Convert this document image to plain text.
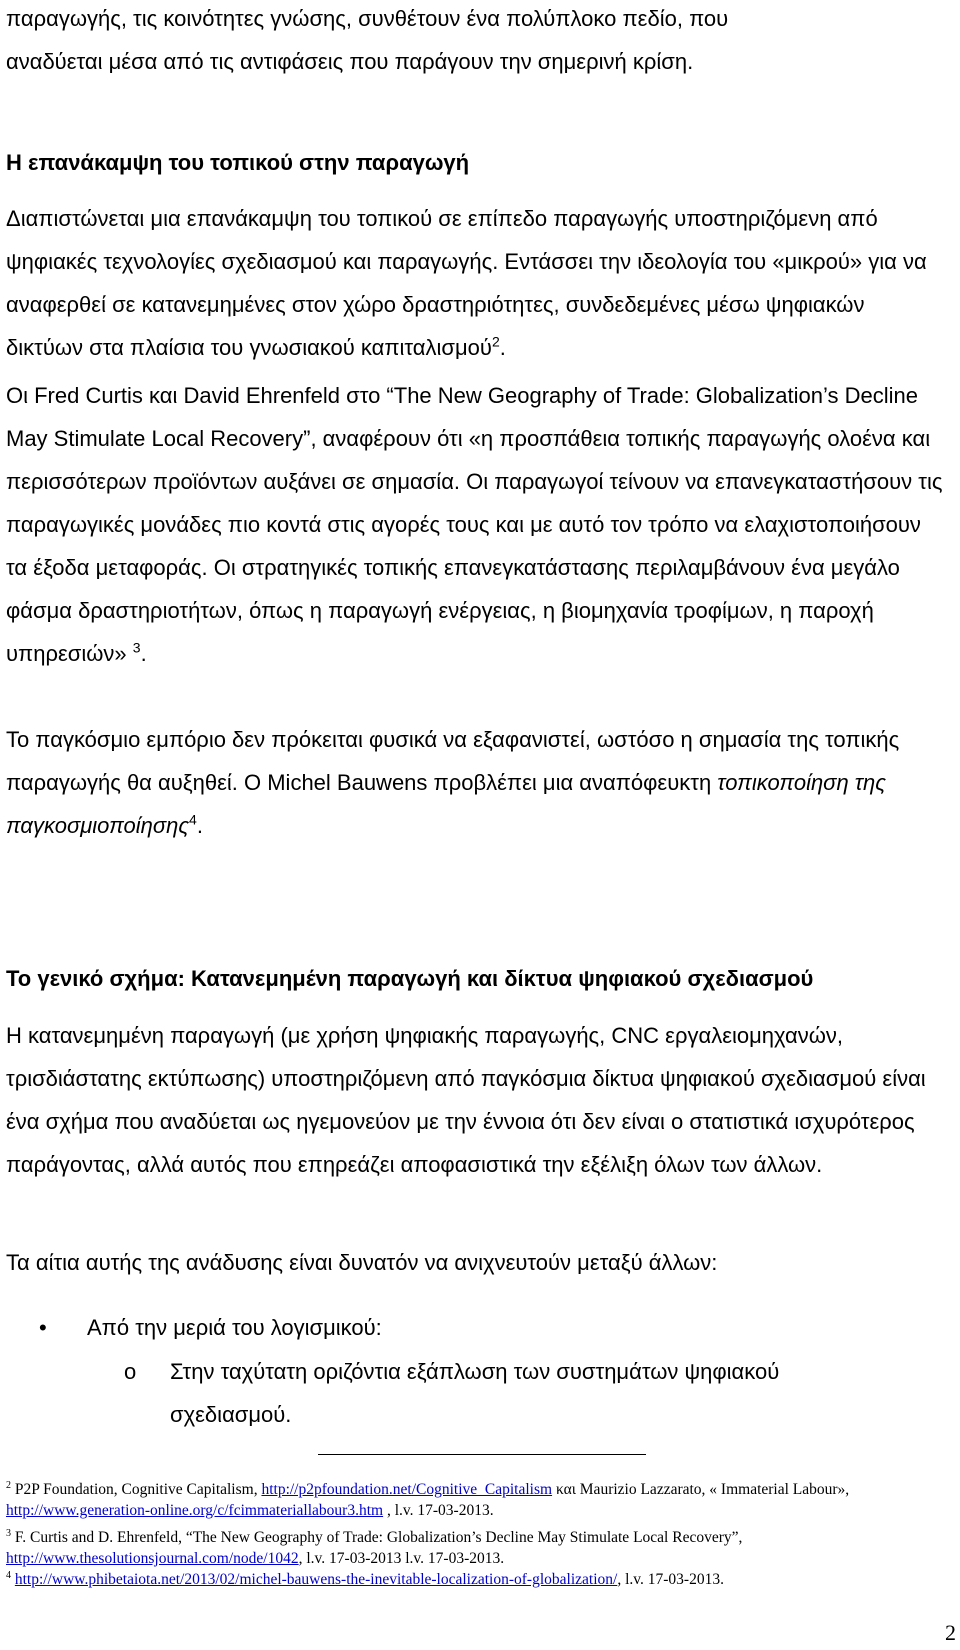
παραγωγής, τις κοινότητες γνώσης, συνθέτουν ένα πολύπλοκο πεδίο, που
αναδύεται μέσα από τις αντιφάσεις που παράγουν την σημερινή κρίση.

Η επανάκαμψη του τοπικού στην παραγωγή

Διαπιστώνεται μια επανάκαμψη του τοπικού σε επίπεδο παραγωγής υποστηριζόμενη από ψηφιακές τεχνολογίες σχεδιασμού και παραγωγής. Εντάσσει την ιδεολογία του «μικρού» για να αναφερθεί σε κατανεμημένες στον χώρο δραστηριότητες, συνδεδεμένες μέσω ψηφιακών δικτύων στα πλαίσια του γνωσιακού καπιταλισμού$^2$.

Οι Fred Curtis και David Ehrenfeld στο “The New Geography of Trade: Globalization’s Decline May Stimulate Local Recovery”, αναφέρουν ότι «η προσπάθεια τοπικής παραγωγής ολοένα και περισσότερων προϊόντων αυξάνει σε σημασία. Οι παραγωγοί τείνουν να επανεγκαταστήσουν τις παραγωγικές μονάδες πιο κοντά στις αγορές τους και με αυτό τον τρόπο να ελαχιστοποιήσουν τα έξοδα μεταφοράς. Οι στρατηγικές τοπικής επανεγκατάστασης περιλαμβάνουν ένα μεγάλο φάσμα δραστηριοτήτων, όπως η παραγωγή ενέργειας, η βιομηχανία τροφίμων, η παροχή υπηρεσιών» $^3$.

Το παγκόσμιο εμπόριο δεν πρόκειται φυσικά να εξαφανιστεί, ωστόσο η σημασία της τοπικής παραγωγής θα αυξηθεί. Ο Michel Bauwens προβλέπει μια αναπόφευκτη τοπικοποίηση της παγκοσμιοποίησης$^4$.

Το γενικό σχήμα: Κατανεμημένη παραγωγή και δίκτυα ψηφιακού σχεδιασμού

Η κατανεμημένη παραγωγή (με χρήση ψηφιακής παραγωγής, CNC εργαλειομηχανών, τρισδιάστατης εκτύπωσης) υποστηριζόμενη από παγκόσμια δίκτυα ψηφιακού σχεδιασμού είναι ένα σχήμα που αναδύεται ως ηγεμονεύον με την έννοια ότι δεν είναι ο στατιστικά ισχυρότερος παράγοντας, αλλά αυτός που επηρεάζει αποφασιστικά την εξέλιξη όλων των άλλων.

Τα αίτια αυτής της ανάδυσης είναι δυνατόν να ανιχνευτούν μεταξύ άλλων:

• Από την μεριά του λογισμικού:
o Στην ταχύτατη οριζόντια εξάπλωση των συστημάτων ψηφιακού
σχεδιασμού.

$^2$ P2P Foundation, Cognitive Capitalism, http://p2pfoundation.net/Cognitive_Capitalism και Maurizio Lazzarato, « Immaterial Labour», http://www.generation-online.org/c/fcimmateriallabour3.htm , l.v. 17-03-2013.

$^3$ F. Curtis and D. Ehrenfeld, “The New Geography of Trade: Globalization’s Decline May Stimulate Local Recovery”, http://www.thesolutionsjournal.com/node/1042, l.v. 17-03-2013 l.v. 17-03-2013.

$^4$ http://www.phibetaiota.net/2013/02/michel-bauwens-the-inevitable-localization-of-globalization/, l.v. 17-03-2013.

2
